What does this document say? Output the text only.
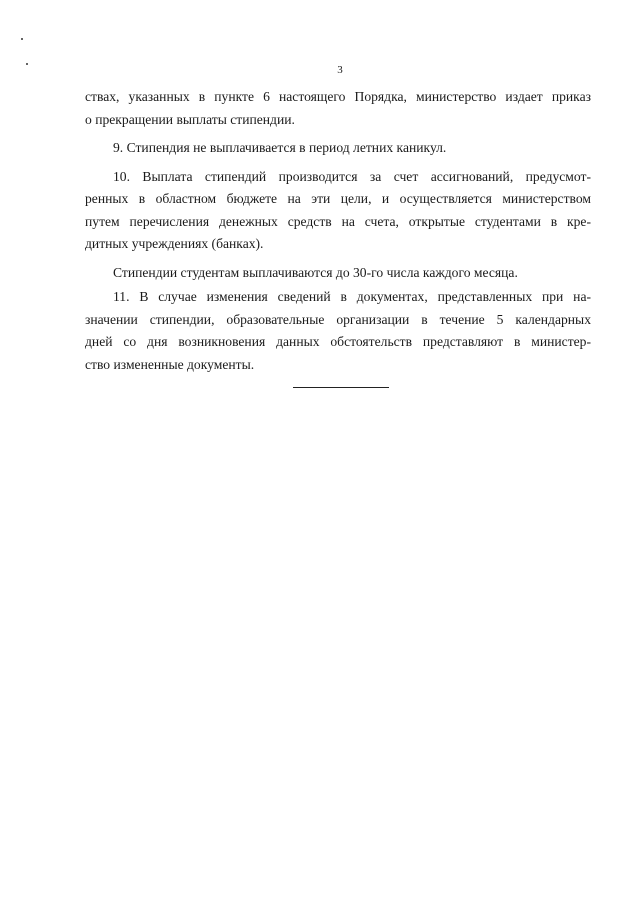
3
ствах, указанных в пункте 6 настоящего Порядка, министерство издает приказ
о прекращении выплаты стипендии.
9. Стипендия не выплачивается в период летних каникул.
10. Выплата стипендий производится за счет ассигнований, предусмот-
ренных в областном бюджете на эти цели, и осуществляется министерством
путем перечисления денежных средств на счета, открытые студентами в кре-
дитных учреждениях (банках).
Стипендии студентам выплачиваются до 30-го числа каждого месяца.
11. В случае изменения сведений в документах, представленных при на-
значении стипендии, образовательные организации в течение 5 календарных
дней со дня возникновения данных обстоятельств представляют в министер-
ство измененные документы.
